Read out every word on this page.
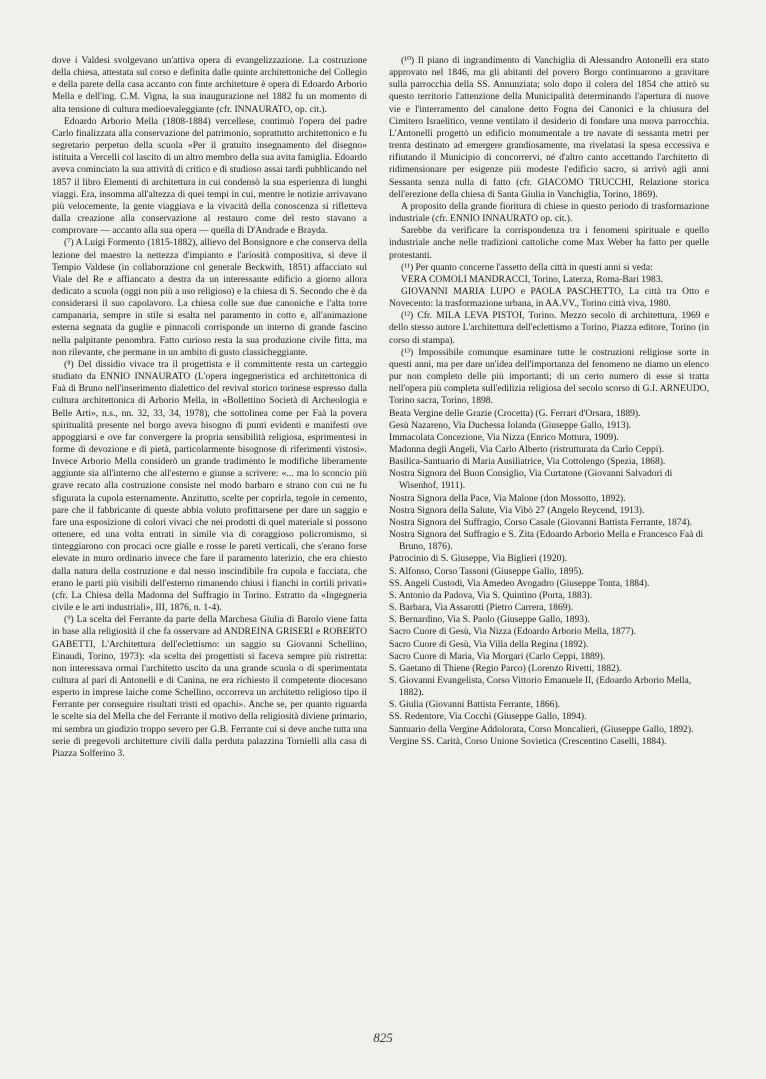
dove i Valdesi svolgevano un'attiva opera di evangelizzazione. La costruzione della chiesa, attestata sul corso e definita dalle quinte architettoniche del Collegio e della parete della casa accanto con finte architetture è opera di Edoardo Arborio Mella e dell'ing. C.M. Vigna, la sua inaugurazione nel 1882 fu un momento di alta tensione di cultura medioevaleggiante (cfr. INNAURATO, op. cit.).

Edoardo Arborio Mella (1808-1884) vercellese, continuò l'opera del padre Carlo finalizzata alla conservazione del patrimonio, soprattutto architettonico e fu segretario perpetuo della scuola «Per il gratuito insegnamento del disegno» istituita a Vercelli col lascito di un altro membro della sua avita famiglia. Edoardo aveva cominciato la sua attività di critico e di studioso assai tardi pubblicando nel 1857 il libro Elementi di architettura in cui condensò la sua esperienza di lunghi viaggi. Era, insomma all'altezza di quei tempi in cui, mentre le notizie arrivavano più velocemente, la gente viaggiava e la vivacità della conoscenza si rifletteva dalla creazione alla conservazione al restauro come del resto stavano a comprovare — accanto alla sua opera — quella di D'Andrade e Brayda.

(⁷) A Luigi Formento (1815-1882), allievo del Bonsignore e che conserva della lezione del maestro la nettezza d'impianto e l'ariosità compositiva, si deve il Tempio Valdese (in collaborazione col generale Beckwith, 1851) affacciato sul Viale del Re e affiancato a destra da un interessante edificio a giorno allora dedicato a scuola (oggi non più a uso religioso) e la chiesa di S. Secondo che è da considerarsi il suo capolavoro. La chiesa colle sue due canoniche e l'alta torre campanaria, sempre in stile si esalta nel paramento in cotto e, all'animazione esterna segnata da guglie e pinnacoli corrisponde un interno di grande fascino nella palpitante penombra. Fatto curioso resta la sua produzione civile fitta, ma non rilevante, che permane in un ambito di gusto classicheggiante.

(⁸) Del dissidio vivace tra il progettista e il committente resta un carteggio studiato da ENNIO INNAURATO (L'opera ingegneristica ed architettonica di Faà di Bruno nell'inserimento dialettico del revival storico torinese espresso dalla cultura architettonica di Arborio Mella, in «Bollettino Società di Archeologia e Belle Arti», n.s., nn. 32, 33, 34, 1978), che sottolinea come per Faà la povera spiritualità presente nel borgo aveva bisogno di punti evidenti e manifesti ove appoggiarsi e ove far convergere la propria sensibilità religiosa, esprimentesi in forme di devozione e di pietà, particolarmente bisognose di riferimenti vistosi». Invece Arborio Mella considerò un grande tradimento le modifiche liberamente aggiunte sia all'interno che all'esterno e giunse a scrivere: «... ma lo sconcio più grave recato alla costruzione consiste nel modo barbaro e strano con cui ne fu sfigurata la cupola esternamente. Anzitutto, scelte per coprirla, tegole in cemento, pare che il fabbricante di queste abbia voluto profittarsene per dare un saggio e fare una esposizione di colori vivaci che nei prodotti di quel materiale si possono ottenere, ed una volta entrati in simile via di coraggioso policromismo, si tinteggiarono con procaci ocre gialle e rosse le pareti verticali, che s'erano forse elevate in muro ordinario invece che fare il paramento laterizio, che era chiesto dalla natura della costruzione e dal nesso inscindibile fra cupola e facciata, che erano le parti più visibili dell'esterno rimanendo chiusi i fianchi in cortili privati» (cfr. La Chiesa della Madonna del Suffragio in Torino. Estratto da «Ingegneria civile e le arti industriali», III, 1876, n. 1-4).

(⁹) La scelta del Ferrante da parte della Marchesa Giulia di Barolo viene fatta in base alla religiosità il che fa osservare ad ANDREINA GRISERI e ROBERTO GABETTI, L'Architettura dell'eclettismo: un saggio su Giovanni Schellino, Einaudi, Torino, 1973): «la scelta dei progettisti si faceva sempre più ristretta: non interessava ormai l'architetto uscito da una grande scuola o di sperimentata cultura al pari di Antonelli e di Canina, ne era richiesto il competente diocesano esperto in imprese laiche come Schellino, occorreva un architetto religioso tipo il Ferrante per conseguire risultati tristi ed opachi». Anche se, per quanto riguarda le scelte sia del Mella che del Ferrante il motivo della religiosità diviene primario, mi sembra un giudizio troppo severo per G.B. Ferrante cui si deve anche tutta una serie di pregevoli architetture civili dalla perduta palazzina Tornielli alla casa di Piazza Solferino 3.

(¹⁰) Il piano di ingrandimento di Vanchiglia di Alessandro Antonelli era stato approvato nel 1846, ma gli abitanti del povero Borgo continuarono a gravitare sulla parrocchia della SS. Annunziata; solo dopo il colera del 1854 che attirò su questo territorio l'attenzione della Municipalità determinando l'apertura di nuove vie e l'interramento del canalone detto Fogna dei Canonici e la chiusura del Cimitero Israelitico, venne ventilato il desiderio di fondare una nuova parrocchia. L'Antonelli progettò un edificio monumentale a tre navate di sessanta metri per trenta destinato ad emergere grandiosamente, ma rivelatasi la spesa eccessiva e rifiutando il Municipio di concorrervi, né d'altro canto accettando l'architetto di ridimensionare per esigenze più modeste l'edificio sacro, si arrivò agli anni Sessanta senza nulla di fatto (cfr. GIACOMO TRUCCHI, Relazione storica dell'erezione della chiesa di Santa Giulia in Vanchiglia, Torino, 1869).

A proposito della grande fioritura di chiese in questo periodo di trasformazione industriale (cfr. ENNIO INNAURATO op. cit.).

Sarebbe da verificare la corrispondenza tra i fenomeni spirituale e quello industriale anche nelle tradizioni cattoliche come Max Weber ha fatto per quelle protestanti.

(¹¹) Per quanto concerne l'assetto della città in questi anni si veda:

VERA COMOLI MANDRACCI, Torino, Laterza, Roma-Bari 1983.

GIOVANNI MARIA LUPO e PAOLA PASCHETTO, La città tra Otto e Novecento: la trasformazione urbana, in AA.VV., Torino città viva, 1980.

(¹²) Cfr. MILA LEVA PISTOI, Torino. Mezzo secolo di architettura, 1969 e dello stesso autore L'architettura dell'eclettismo a Torino, Piazza editore, Torino (in corso di stampa).

(¹³) Impossibile comunque esaminare tutte le costruzioni religiose sorte in questi anni, ma per dare un'idea dell'importanza del fenomeno ne diamo un elenco pur non completo delle più importanti; di un certo numero di esse si tratta nell'opera più completa sull'edilizia religiosa del secolo scorso di G.I. ARNEUDO, Torino sacra, Torino, 1898.

Beata Vergine delle Grazie (Crocetta) (G. Ferrari d'Orsara, 1889).

Gesù Nazareno, Via Duchessa Iolanda (Giuseppe Gallo, 1913).

Immacolata Concezione, Via Nizza (Enrico Mottura, 1909).

Madonna degli Angeli, Via Carlo Alberto (ristrutturata da Carlo Ceppi).

Basilica-Santuario di Maria Ausiliatrice, Via Cottolengo (Spezia, 1868).

Nostra Signora del Buon Consiglio, Via Curtatone (Giovanni Salvadori di Wisenhof, 1911).

Nostra Signora della Pace, Via Malone (don Mossotto, 1892).

Nostra Signora della Salute, Via Vibò 27 (Angelo Reycend, 1913).

Nostra Signora del Suffragio, Corso Casale (Giovanni Battista Ferrante, 1874).

Nostra Signora del Suffragio e S. Zita (Edoardo Arborio Mella e Francesco Faà di Bruno, 1876).

Patrocinio di S. Giuseppe, Via Biglieri (1920).

S. Alfonso, Corso Tassoni (Giuseppe Gallo, 1895).

SS. Angeli Custodi, Via Amedeo Avogadro (Giuseppe Tonta, 1884).

S. Antonio da Padova, Via S. Quintino (Porta, 1883).

S. Barbara, Via Assarotti (Pietro Carrera, 1869).

S. Bernardino, Via S. Paolo (Giuseppe Gallo, 1893).

Sacro Cuore di Gesù, Via Nizza (Edoardo Arborio Mella, 1877).

Sacro Cuore di Gesù, Via Villa della Regina (1892).

Sacro Cuore di Maria, Via Morgari (Carlo Ceppi, 1889).

S. Gaetano di Thiene (Regio Parco) (Lorenzo Rivetti, 1882).

S. Giovanni Evangelista, Corso Vittorio Emanuele II, (Edoardo Arborio Mella, 1882).

S. Giulia (Giovanni Battista Ferrante, 1866).

SS. Redentore, Via Cocchi (Giuseppe Gallo, 1894).

Santuario della Vergine Addolorata, Corso Moncalieri, (Giuseppe Gallo, 1892).

Vergine SS. Carità, Corso Unione Sovietica (Crescentino Caselli, 1884).

825
